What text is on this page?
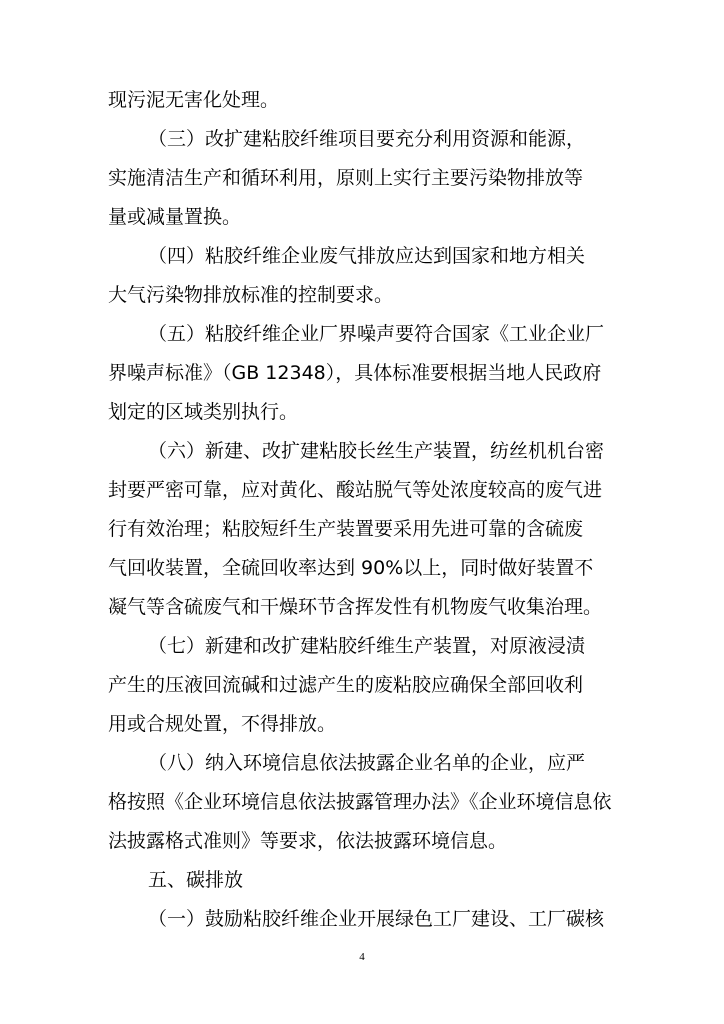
现污泥无害化处理。
（三）改扩建粘胶纤维项目要充分利用资源和能源，
实施清洁生产和循环利用，原则上实行主要污染物排放等
量或减量置换。
（四）粘胶纤维企业废气排放应达到国家和地方相关
大气污染物排放标准的控制要求。
（五）粘胶纤维企业厂界噪声要符合国家《工业企业厂
界噪声标准》（GB 12348），具体标准要根据当地人民政府
划定的区域类别执行。
（六）新建、改扩建粘胶长丝生产装置，纺丝机机台密
封要严密可靠，应对黄化、酸站脱气等处浓度较高的废气进
行有效治理；粘胶短纤生产装置要采用先进可靠的含硫废
气回收装置，全硫回收率达到 90%以上，同时做好装置不
凝气等含硫废气和干燥环节含挥发性有机物废气收集治理。
（七）新建和改扩建粘胶纤维生产装置，对原液浸渍
产生的压液回流碱和过滤产生的废粘胶应确保全部回收利
用或合规处置，不得排放。
（八）纳入环境信息依法披露企业名单的企业，应严
格按照《企业环境信息依法披露管理办法》《企业环境信息依
法披露格式准则》等要求，依法披露环境信息。
五、碳排放
（一）鼓励粘胶纤维企业开展绿色工厂建设、工厂碳核
4
